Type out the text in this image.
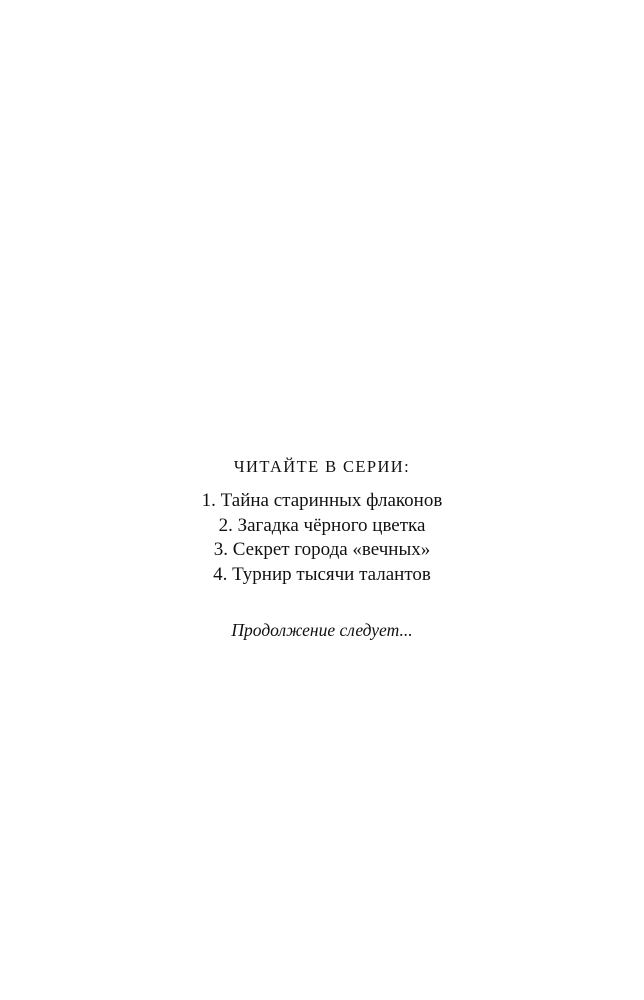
ЧИТАЙТЕ В СЕРИИ:
1. Тайна старинных флаконов
2. Загадка чёрного цветка
3. Секрет города «вечных»
4. Турнир тысячи талантов
Продолжение следует...
